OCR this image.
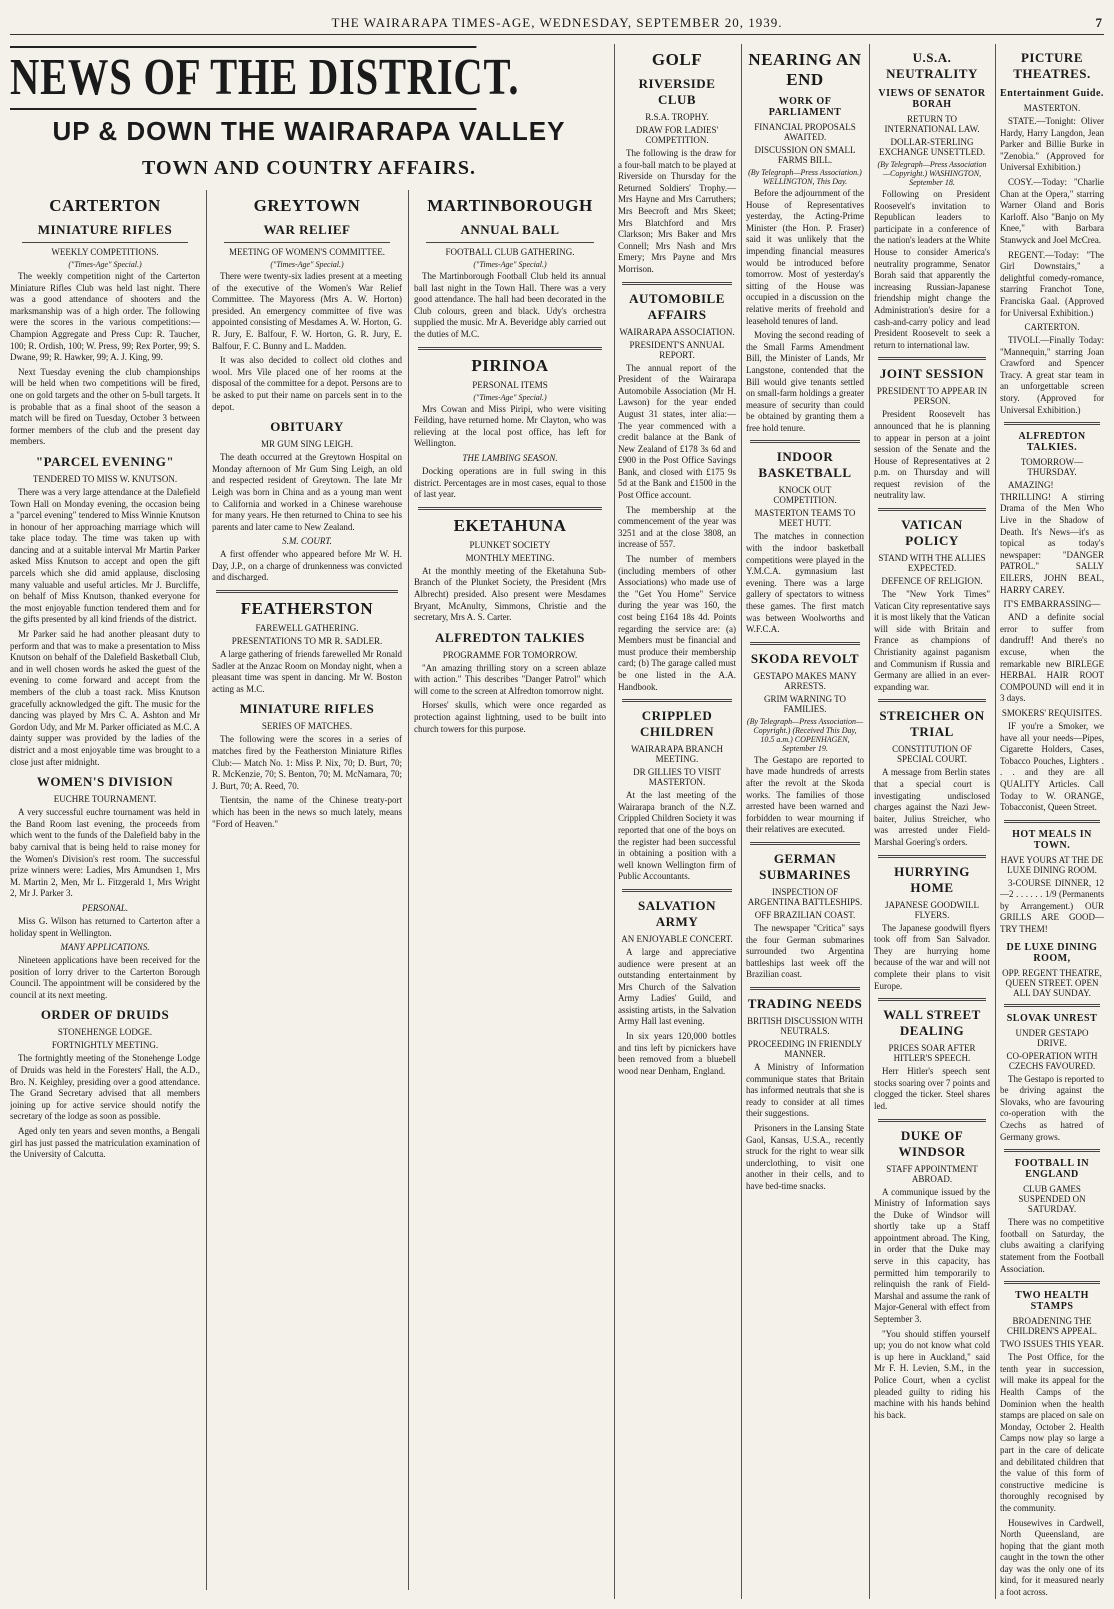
THE WAIRARAPA TIMES-AGE, WEDNESDAY, SEPTEMBER 20, 1939.	7
NEWS OF THE DISTRICT.
UP & DOWN THE WAIRARAPA VALLEY
TOWN AND COUNTRY AFFAIRS.
CARTERTON
MINIATURE RIFLES
WEEKLY COMPETITIONS.
("Times-Age" Special.)

The weekly competition night of the Carterton Miniature Rifles Club was held last night. There was a good attendance of shooters and the marksmanship was of a high order. The following were the scores in the various competitions:— Champion Aggregate and Press Cup: R. Taucher, 100; R. Ordish, 100; W. Press, 99; Rex Porter, 99; S. Dwane, 99; R. Hawker, 99; A. J. King, 99.

Next Tuesday evening the club championships will be held when two competitions will be fired, one on gold targets and the other on 5-bull targets. It is probable that as a final shoot of the season a match will be fired on Tuesday, October 3 between former members of the club and the present day members.

"PARCEL EVENING"
TENDERED TO MISS W. KNUTSON.

There was a very large attendance at the Dalefield Town Hall on Monday evening, the occasion being a "parcel evening" tendered to Miss Winnie Knutson in honour of her approaching marriage which will take place today. The time was taken up with dancing and at a suitable interval Mr Martin Parker asked Miss Knutson to accept and open the gift parcels which she did amid applause, disclosing many valuable and useful articles. Mr J. Burcliffe, on behalf of Miss Knutson, thanked everyone for the most enjoyable function tendered them and for the gifts presented by all kind friends of the district.

Mr Parker said he had another pleasant duty to perform and that was to make a presentation to Miss Knutson on behalf of the Dalefield Basketball Club, and in well chosen words he asked the guest of the evening to come forward and accept from the members of the club a toast rack. Miss Knutson gracefully acknowledged the gift. The music for the dancing was played by Mrs C. A. Ashton and Mr Gordon Udy, and Mr M. Parker officiated as M.C. A dainty supper was provided by the ladies of the district and a most enjoyable time was brought to a close just after midnight.

WOMEN'S DIVISION
EUCHRE TOURNAMENT.

A very successful euchre tournament was held in the Band Room last evening, the proceeds from which went to the funds of the Dalefield baby in the baby carnival that is being held to raise money for the Women's Division's rest room. The successful prize winners were: Ladies, Mrs Amundsen 1, Mrs M. Martin 2, Men, Mr L. Fitzgerald 1, Mrs Wright 2, Mr J. Parker 3.

PERSONAL.

Miss G. Wilson has returned to Carterton after a holiday spent in Wellington.

MANY APPLICATIONS.

Nineteen applications have been received for the position of lorry driver to the Carterton Borough Council. The appointment will be considered by the council at its next meeting.

ORDER OF DRUIDS
STONEHENGE LODGE.
FORTNIGHTLY MEETING.

The fortnightly meeting of the Stonehenge Lodge of Druids was held in the Foresters' Hall, the A.D., Bro. N. Keighley, presiding over a good attendance. The Grand Secretary advised that all members joining up for active service should notify the secretary of the lodge as soon as possible.

Aged only ten years and seven months, a Bengali girl has just passed the matriculation examination of the University of Calcutta.

GREYTOWN
WAR RELIEF
MEETING OF WOMEN'S COMMITTEE.
("Times-Age" Special.)

There were twenty-six ladies present at a meeting of the executive of the Women's War Relief Committee. The Mayoress (Mrs A. W. Horton) presided. An emergency committee of five was appointed consisting of Mesdames A. W. Horton, G. R. Jury, E. Balfour, F. W. Horton, G. R. Jury, E. Balfour, F. C. Bunny and L. Madden.

It was also decided to collect old clothes and wool. Mrs Vile placed one of her rooms at the disposal of the committee for a depot. Persons are to be asked to put their name on parcels sent in to the depot.

OBITUARY
MR GUM SING LEIGH.

The death occurred at the Greytown Hospital on Monday afternoon of Mr Gum Sing Leigh, an old and respected resident of Greytown. The late Mr Leigh was born in China and as a young man went to California and worked in a Chinese warehouse for many years. He then returned to China to see his parents and later came to New Zealand.

S.M. COURT.

A first offender who appeared before Mr W. H. Day, J.P., on a charge of drunkenness was convicted and discharged.

FEATHERSTON
FAREWELL GATHERING.
PRESENTATIONS TO MR R. SADLER.

A large gathering of friends farewelled Mr Ronald Sadler at the Anzac Room on Monday night, when a pleasant time was spent in dancing. Mr W. Boston acting as M.C.

MINIATURE RIFLES
SERIES OF MATCHES.

The following were the scores in a series of matches fired by the Featherston Miniature Rifles Club:— Match No. 1: Miss P. Nix, 70; D. Burt, 70; R. McKenzie, 70; S. Benton, 70; M. McNamara, 70; J. Burt, 70; A. Reed, 70.

Tientsin, the name of the Chinese treaty-port which has been in the news so much lately, means "Ford of Heaven."

MARTINBOROUGH
ANNUAL BALL
FOOTBALL CLUB GATHERING.
("Times-Age" Special.)

The Martinborough Football Club held its annual ball last night in the Town Hall. There was a very good attendance. The hall had been decorated in the Club colours, green and black. Udy's orchestra supplied the music. Mr A. Beveridge ably carried out the duties of M.C.

PIRINOA
PERSONAL ITEMS
("Times-Age" Special.)

Mrs Cowan and Miss Piripi, who were visiting Feilding, have returned home. Mr Clayton, who was relieving at the local post office, has left for Wellington.

THE LAMBING SEASON.

Docking operations are in full swing in this district. Percentages are in most cases, equal to those of last year.

EKETAHUNA
PLUNKET SOCIETY
MONTHLY MEETING.

At the monthly meeting of the Eketahuna Sub-Branch of the Plunket Society, the President (Mrs Albrecht) presided. Also present were Mesdames Bryant, McAnulty, Simmons, Christie and the secretary, Mrs A. S. Carter.

ALFREDTON TALKIES
PROGRAMME FOR TOMORROW.

"An amazing thrilling story on a screen ablaze with action." This describes "Danger Patrol" which will come to the screen at Alfredton tomorrow night.

Horses' skulls, which were once regarded as protection against lightning, used to be built into church towers for this purpose.

GOLF
RIVERSIDE CLUB
R.S.A. TROPHY.
DRAW FOR LADIES' COMPETITION.

The following is the draw for a four-ball match to be played at Riverside on Thursday for the Returned Soldiers' Trophy.—Mrs Hayne and Mrs Carruthers; Mrs Beecroft and Mrs Skeet; Mrs Blatchford and Mrs Clarkson; Mrs Baker and Mrs Connell; Mrs Nash and Mrs Emery; Mrs Payne and Mrs Morrison.

AUTOMOBILE AFFAIRS
WAIRARAPA ASSOCIATION.
PRESIDENT'S ANNUAL REPORT.

The annual report of the President of the Wairarapa Automobile Association (Mr H. Lawson) for the year ended August 31 states, inter alia:—The year commenced with a credit balance at the Bank of New Zealand of £178 3s 6d and £900 in the Post Office Savings Bank, and closed with £175 9s 5d at the Bank and £1500 in the Post Office account.

The membership at the commencement of the year was 3251 and at the close 3808, an increase of 557.

The number of members (including members of other Associations) who made use of the "Get You Home" Service during the year was 160, the cost being £164 18s 4d. Points regarding the service are: (a) Members must be financial and must produce their membership card; (b) The garage called must be one listed in the A.A. Handbook.

CRIPPLED CHILDREN
WAIRARAPA BRANCH MEETING.
DR GILLIES TO VISIT MASTERTON.

At the last meeting of the Wairarapa branch of the N.Z. Crippled Children Society it was reported that one of the boys on the register had been successful in obtaining a position with a well known Wellington firm of Public Accountants.

SALVATION ARMY
AN ENJOYABLE CONCERT.

A large and appreciative audience were present at an outstanding entertainment by Mrs Church of the Salvation Army Ladies' Guild, and assisting artists, in the Salvation Army Hall last evening.

In six years 120,000 bottles and tins left by picnickers have been removed from a bluebell wood near Denham, England.

NEARING AN END
WORK OF PARLIAMENT
FINANCIAL PROPOSALS AWAITED.
DISCUSSION ON SMALL FARMS BILL.
(By Telegraph—Press Association.) WELLINGTON, This Day.

Before the adjournment of the House of Representatives yesterday, the Acting-Prime Minister (the Hon. P. Fraser) said it was unlikely that the impending financial measures would be introduced before tomorrow. Most of yesterday's sitting of the House was occupied in a discussion on the relative merits of freehold and leasehold tenures of land.

Moving the second reading of the Small Farms Amendment Bill, the Minister of Lands, Mr Langstone, contended that the Bill would give tenants settled on small-farm holdings a greater measure of security than could be obtained by granting them a free hold tenure.

INDOOR BASKETBALL
KNOCK OUT COMPETITION.
MASTERTON TEAMS TO MEET HUTT.

The matches in connection with the indoor basketball competitions were played in the Y.M.C.A. gymnasium last evening. There was a large gallery of spectators to witness these games. The first match was between Woolworths and W.F.C.A.

SKODA REVOLT
GESTAPO MAKES MANY ARRESTS.
GRIM WARNING TO FAMILIES.
(By Telegraph—Press Association—Copyright.) (Received This Day, 10.5 a.m.) COPENHAGEN, September 19.

The Gestapo are reported to have made hundreds of arrests after the revolt at the Skoda works. The families of those arrested have been warned and forbidden to wear mourning if their relatives are executed.

GERMAN SUBMARINES
INSPECTION OF ARGENTINA BATTLESHIPS.
OFF BRAZILIAN COAST.

The newspaper "Critica" says the four German submarines surrounded two Argentina battleships last week off the Brazilian coast.

TRADING NEEDS
BRITISH DISCUSSION WITH NEUTRALS.
PROCEEDING IN FRIENDLY MANNER.

A Ministry of Information communique states that Britain has informed neutrals that she is ready to consider at all times their suggestions.

Prisoners in the Lansing State Gaol, Kansas, U.S.A., recently struck for the right to wear silk underclothing, to visit one another in their cells, and to have bed-time snacks.

U.S.A. NEUTRALITY
VIEWS OF SENATOR BORAH
RETURN TO INTERNATIONAL LAW.
DOLLAR-STERLING EXCHANGE UNSETTLED.
(By Telegraph—Press Association—Copyright.) WASHINGTON, September 18.

Following on President Roosevelt's invitation to Republican leaders to participate in a conference of the nation's leaders at the White House to consider America's neutrality programme, Senator Borah said that apparently the increasing Russian-Japanese friendship might change the Administration's desire for a cash-and-carry policy and lead President Roosevelt to seek a return to international law.

JOINT SESSION
PRESIDENT TO APPEAR IN PERSON.

President Roosevelt has announced that he is planning to appear in person at a joint session of the Senate and the House of Representatives at 2 p.m. on Thursday and will request revision of the neutrality law.

VATICAN POLICY
STAND WITH THE ALLIES EXPECTED.
DEFENCE OF RELIGION.

The "New York Times" Vatican City representative says it is most likely that the Vatican will side with Britain and France as champions of Christianity against paganism and Communism if Russia and Germany are allied in an ever-expanding war.

STREICHER ON TRIAL
CONSTITUTION OF SPECIAL COURT.

A message from Berlin states that a special court is investigating undisclosed charges against the Nazi Jew-baiter, Julius Streicher, who was arrested under Field-Marshal Goering's orders.

HURRYING HOME
JAPANESE GOODWILL FLYERS.

The Japanese goodwill flyers took off from San Salvador. They are hurrying home because of the war and will not complete their plans to visit Europe.

WALL STREET DEALING
PRICES SOAR AFTER HITLER'S SPEECH.

Herr Hitler's speech sent stocks soaring over 7 points and clogged the ticker. Steel shares led.

DUKE OF WINDSOR
STAFF APPOINTMENT ABROAD.

A communique issued by the Ministry of Information says the Duke of Windsor will shortly take up a Staff appointment abroad. The King, in order that the Duke may serve in this capacity, has permitted him temporarily to relinquish the rank of Field-Marshal and assume the rank of Major-General with effect from September 3.

"You should stiffen yourself up; you do not know what cold is up here in Auckland," said Mr F. H. Levien, S.M., in the Police Court, when a cyclist pleaded guilty to riding his machine with his hands behind his back.

PICTURE THEATRES.
Entertainment Guide.
MASTERTON.

STATE.—Tonight: Oliver Hardy, Harry Langdon, Jean Parker and Billie Burke in "Zenobia." (Approved for Universal Exhibition.)

COSY.—Today: "Charlie Chan at the Opera," starring Warner Oland and Boris Karloff. Also "Banjo on My Knee," with Barbara Stanwyck and Joel McCrea.

REGENT.—Today: "The Girl Downstairs," a delightful comedy-romance, starring Franchot Tone, Franciska Gaal. (Approved for Universal Exhibition.)

CARTERTON.

TIVOLI.—Finally Today: "Mannequin," starring Joan Crawford and Spencer Tracy. A great star team in an unforgettable screen story. (Approved for Universal Exhibition.)

ALFREDTON TALKIES.
TOMORROW—THURSDAY.

AMAZING! THRILLING! A stirring Drama of the Men Who Live in the Shadow of Death. It's News—it's as topical as today's newspaper: "DANGER PATROL." SALLY EILERS, JOHN BEAL, HARRY CAREY.

IT'S EMBARRASSING—

AND a definite social error to suffer from dandruff! And there's no excuse, when the remarkable new BIRLEGE HERBAL HAIR ROOT COMPOUND will end it in 3 days.

SMOKERS' REQUISITES.

IF you're a Smoker, we have all your needs—Pipes, Cigarette Holders, Cases, Tobacco Pouches, Lighters . . . and they are all QUALITY Articles. Call Today to W. ORANGE, Tobacconist, Queen Street.

HOT MEALS IN TOWN.
HAVE YOURS AT THE DE LUXE DINING ROOM.

3-COURSE DINNER, 12—2 . . . . . . 1/9 (Permanents by Arrangement.) OUR GRILLS ARE GOOD—TRY THEM!

DE LUXE DINING ROOM,
OPP. REGENT THEATRE, QUEEN STREET. OPEN ALL DAY SUNDAY.
SLOVAK UNREST
UNDER GESTAPO DRIVE.
CO-OPERATION WITH CZECHS FAVOURED.

The Gestapo is reported to be driving against the Slovaks, who are favouring co-operation with the Czechs as hatred of Germany grows.

FOOTBALL IN ENGLAND
CLUB GAMES SUSPENDED ON SATURDAY.

There was no competitive football on Saturday, the clubs awaiting a clarifying statement from the Football Association.

TWO HEALTH STAMPS
BROADENING THE CHILDREN'S APPEAL.
TWO ISSUES THIS YEAR.

The Post Office, for the tenth year in succession, will make its appeal for the Health Camps of the Dominion when the health stamps are placed on sale on Monday, October 2. Health Camps now play so large a part in the care of delicate and debilitated children that the value of this form of constructive medicine is thoroughly recognised by the community.

Housewives in Cardwell, North Queensland, are hoping that the giant moth caught in the town the other day was the only one of its kind, for it measured nearly a foot across.
